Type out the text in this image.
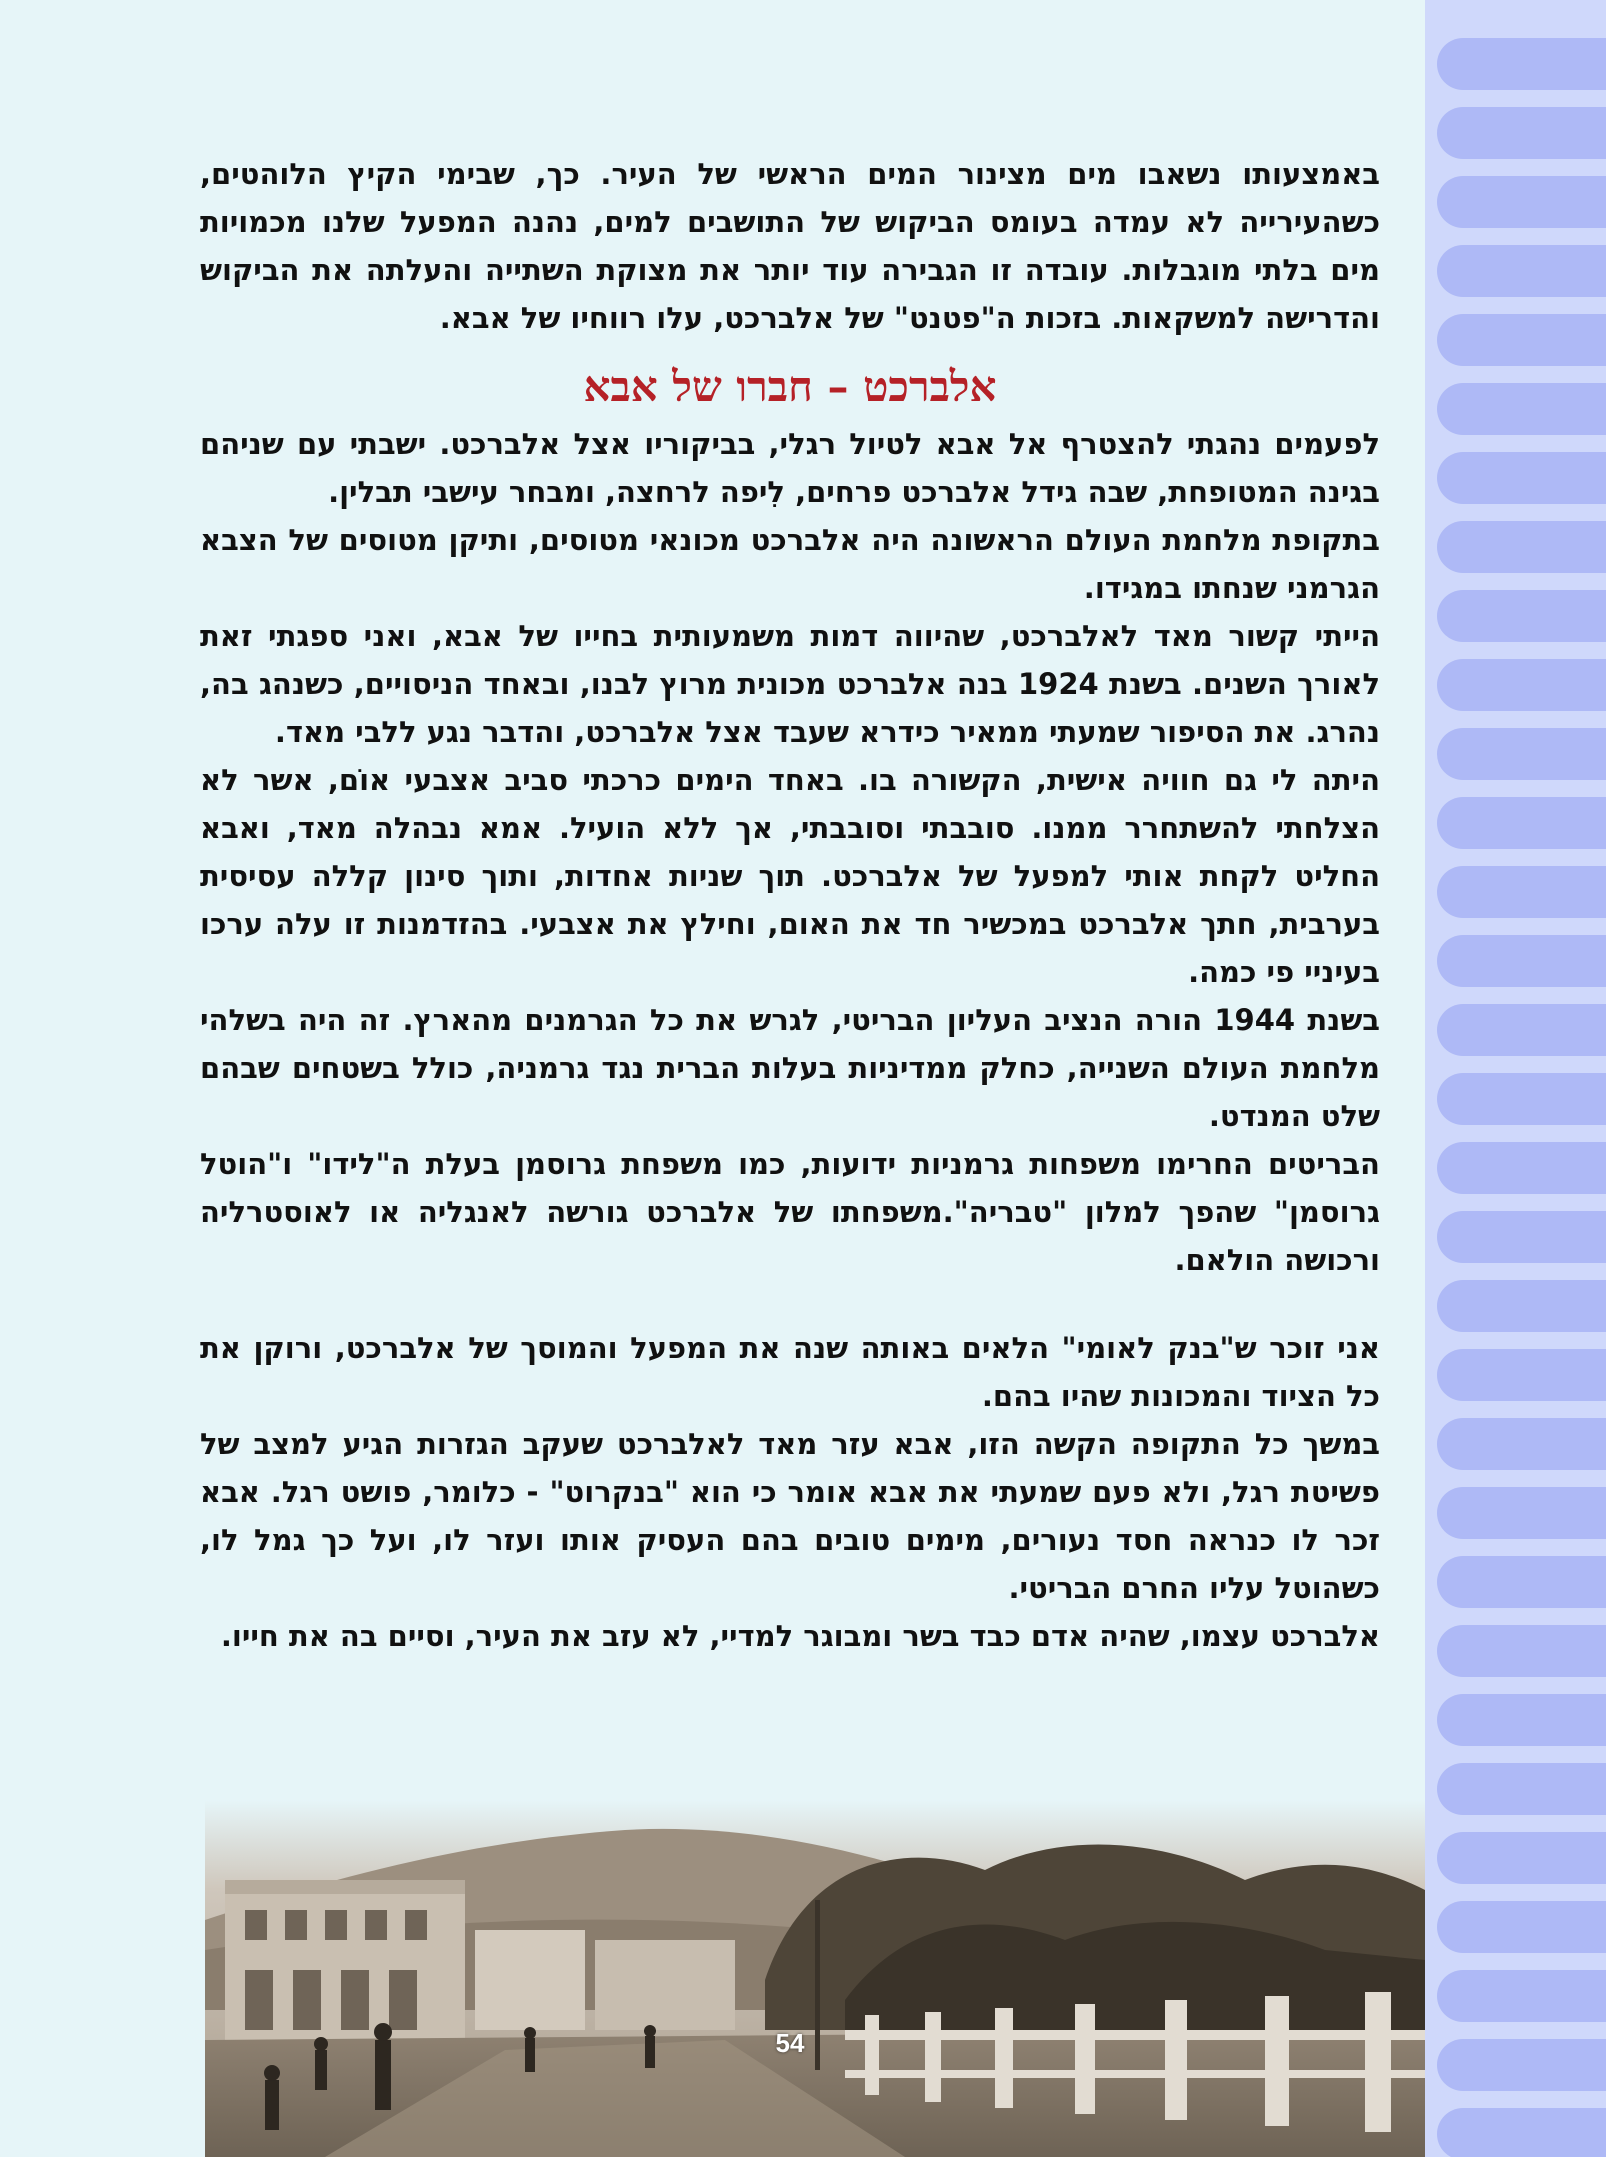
באמצעותו נשאבו מים מצינור המים הראשי של העיר. כך, שבימי הקיץ הלוהטים, כשהעירייה לא עמדה בעומס הביקוש של התושבים למים, נהנה המפעל שלנו מכמויות מים בלתי מוגבלות. עובדה זו הגבירה עוד יותר את מצוקת השתייה והעלתה את הביקוש והדרישה למשקאות. בזכות ה"פטנט" של אלברכט, עלו רווחיו של אבא.

אלברכט – חברו של אבא

לפעמים נהגתי להצטרף אל אבא לטיול רגלי, בביקוריו אצל אלברכט. ישבתי עם שניהם בגינה המטופחת, שבה גידל אלברכט פרחים, לִיפה לרחצה, ומבחר עישבי תבלין.

בתקופת מלחמת העולם הראשונה היה אלברכט מכונאי מטוסים, ותיקן מטוסים של הצבא הגרמני שנחתו במגידו.

הייתי קשור מאד לאלברכט, שהיווה דמות משמעותית בחייו של אבא, ואני ספגתי זאת לאורך השנים. בשנת 1924 בנה אלברכט מכונית מרוץ לבנו, ובאחד הניסויים, כשנהג בה, נהרג. את הסיפור שמעתי ממאיר כידרא שעבד אצל אלברכט, והדבר נגע ללבי מאד.

היתה לי גם חוויה אישית, הקשורה בו. באחד הימים כרכתי סביב אצבעי אוֹם, אשר לא הצלחתי להשתחרר ממנו. סובבתי וסובבתי, אך ללא הועיל. אמא נבהלה מאד, ואבא החליט לקחת אותי למפעל של אלברכט. תוך שניות אחדות, ותוך סינון קללה עסיסית בערבית, חתך אלברכט במכשיר חד את האום, וחילץ את אצבעי. בהזדמנות זו עלה ערכו בעיניי פי כמה.

בשנת 1944 הורה הנציב העליון הבריטי, לגרש את כל הגרמנים מהארץ. זה היה בשלהי מלחמת העולם השנייה, כחלק ממדיניות בעלות הברית נגד גרמניה, כולל בשטחים שבהם שלט המנדט.

הבריטים החרימו משפחות גרמניות ידועות, כמו משפחת גרוסמן בעלת ה"לידו" ו"הוטל גרוסמן" שהפך למלון "טבריה".משפחתו של אלברכט גורשה לאנגליה או לאוסטרליה ורכושה הולאם.

אני זוכר ש"בנק לאומי" הלאים באותה שנה את המפעל והמוסך של אלברכט, ורוקן את כל הציוד והמכונות שהיו בהם.

במשך כל התקופה הקשה הזו, אבא עזר מאד לאלברכט שעקב הגזרות הגיע למצב של פשיטת רגל, ולא פעם שמעתי את אבא אומר כי הוא "בנקרוט" - כלומר, פושט רגל. אבא זכר לו כנראה חסד נעורים, מימים טובים בהם העסיק אותו ועזר לו, ועל כך גמל לו, כשהוטל עליו החרם הבריטי.

אלברכט עצמו, שהיה אדם כבד בשר ומבוגר למדיי, לא עזב את העיר, וסיים בה את חייו.

54
